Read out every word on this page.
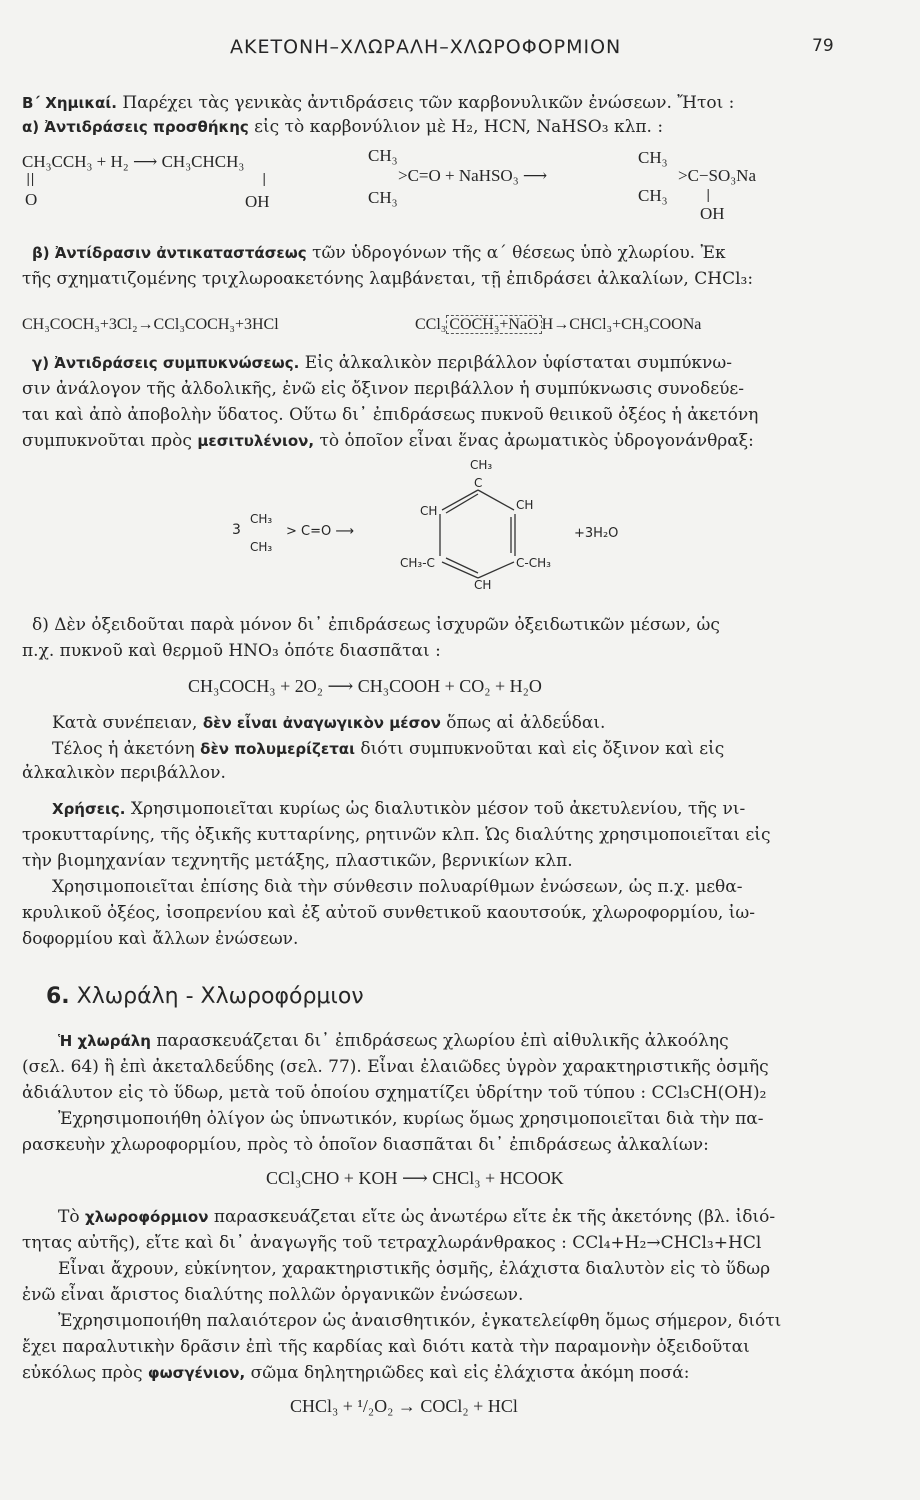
ΑΚΕΤΟΝΗ–ΧΛΩΡΑΛΗ–ΧΛΩΡΟΦΟΡΜΙΟΝ	79
Β΄ Χημικαί. Παρέχει τὰς γενικὰς ἀντιδράσεις τῶν καρβονυλικῶν ἐνώσεων. Ἤτοι :
α) Ἀντιδράσεις προσθήκης εἰς τὸ καρβονύλιον μὲ H₂, HCN, NaHSO₃ κλπ. :
CH₃CCH₃ + H₂ ⟶ CH₃CHCH₃
||
O
|
OH
CH₃
CH₃
>C=O + NaHSO₃ ⟶
CH₃
CH₃
>C−SO₃Na
|
OH
β) Ἀντίδρασιν ἀντικαταστάσεως τῶν ὑδρογόνων τῆς α΄ θέσεως ὑπὸ χλωρίου. Ἐκ
τῆς σχηματιζομένης τριχλωροακετόνης λαμβάνεται, τῇ ἐπιδράσει ἀλκαλίων, CHCl₃:
CH₃COCH₃+3Cl₂→CCl₃COCH₃+3HCl	CCl₃ COCH₃+NaO H→CHCl₃+CH₃COONa
γ) Ἀντιδράσεις συμπυκνώσεως. Εἰς ἀλκαλικὸν περιβάλλον ὑφίσταται συμπύκνω-
σιν ἀνάλογον τῆς ἀλδολικῆς, ἐνῶ εἰς ὄξινον περιβάλλον ἡ συμπύκνωσις συνοδεύε-
ται καὶ ἀπὸ ἀποβολὴν ὕδατος. Οὕτω δι᾽ ἐπιδράσεως πυκνοῦ θειικοῦ ὀξέος ἡ ἀκετόνη
συμπυκνοῦται πρὸς μεσιτυλένιον, τὸ ὁποῖον εἶναι ἕνας ἀρωματικὸς ὑδρογονάνθραξ:
3
CH₃
CH₃
> C=O ⟶
CH₃
C
CH	CH
CH₃-C	C-CH₃
CH
+3H₂O
δ) Δὲν ὀξειδοῦται παρὰ μόνον δι᾽ ἐπιδράσεως ἰσχυρῶν ὀξειδωτικῶν μέσων, ὡς
π.χ. πυκνοῦ καὶ θερμοῦ HNO₃ ὁπότε διασπᾶται :
CH₃COCH₃ + 2O₂ ⟶ CH₃COOH + CO₂ + H₂O
Κατὰ συνέπειαν, δὲν εἶναι ἀναγωγικὸν μέσον ὅπως αἱ ἀλδεΰδαι.
Τέλος ἡ ἀκετόνη δὲν πολυμερίζεται διότι συμπυκνοῦται καὶ εἰς ὄξινον καὶ εἰς
ἀλκαλικὸν περιβάλλον.
Χρήσεις. Χρησιμοποιεῖται κυρίως ὡς διαλυτικὸν μέσον τοῦ ἀκετυλενίου, τῆς νι-
τροκυτταρίνης, τῆς ὀξικῆς κυτταρίνης, ρητινῶν κλπ. Ὡς διαλύτης χρησιμοποιεῖται εἰς
τὴν βιομηχανίαν τεχνητῆς μετάξης, πλαστικῶν, βερνικίων κλπ.
Χρησιμοποιεῖται ἐπίσης διὰ τὴν σύνθεσιν πολυαρίθμων ἐνώσεων, ὡς π.χ. μεθα-
κρυλικοῦ ὀξέος, ἰσοπρενίου καὶ ἐξ αὐτοῦ συνθετικοῦ καουτσούκ, χλωροφορμίου, ἰω-
δοφορμίου καὶ ἄλλων ἐνώσεων.
6. Χλωράλη - Χλωροφόρμιον
Ἡ χλωράλη παρασκευάζεται δι᾽ ἐπιδράσεως χλωρίου ἐπὶ αἰθυλικῆς ἀλκοόλης
(σελ. 64) ἢ ἐπὶ ἀκεταλδεΰδης (σελ. 77). Εἶναι ἐλαιῶδες ὑγρὸν χαρακτηριστικῆς ὀσμῆς
ἀδιάλυτον εἰς τὸ ὕδωρ, μετὰ τοῦ ὁποίου σχηματίζει ὑδρίτην τοῦ τύπου : CCl₃CH(OH)₂
Ἐχρησιμοποιήθη ὀλίγον ὡς ὑπνωτικόν, κυρίως ὅμως χρησιμοποιεῖται διὰ τὴν πα-
ρασκευὴν χλωροφορμίου, πρὸς τὸ ὁποῖον διασπᾶται δι᾽ ἐπιδράσεως ἀλκαλίων:
CCl₃CHO + KOH ⟶ CHCl₃ + HCOOK
Τὸ χλωροφόρμιον παρασκευάζεται εἴτε ὡς ἀνωτέρω εἴτε ἐκ τῆς ἀκετόνης (βλ. ἰδιό-
τητας αὐτῆς), εἴτε καὶ δι᾽ ἀναγωγῆς τοῦ τετραχλωράνθρακος : CCl₄+H₂→CHCl₃+HCl
Εἶναι ἄχρουν, εὐκίνητον, χαρακτηριστικῆς ὀσμῆς, ἐλάχιστα διαλυτὸν εἰς τὸ ὕδωρ
ἐνῶ εἶναι ἄριστος διαλύτης πολλῶν ὀργανικῶν ἐνώσεων.
Ἐχρησιμοποιήθη παλαιότερον ὡς ἀναισθητικόν, ἐγκατελείφθη ὅμως σήμερον, διότι
ἔχει παραλυτικὴν δρᾶσιν ἐπὶ τῆς καρδίας καὶ διότι κατὰ τὴν παραμονὴν ὀξειδοῦται
εὐκόλως πρὸς φωσγένιον, σῶμα δηλητηριῶδες καὶ εἰς ἐλάχιστα ἀκόμη ποσά:
CHCl₃ + ¹/₂O₂ → COCl₂ + HCl
